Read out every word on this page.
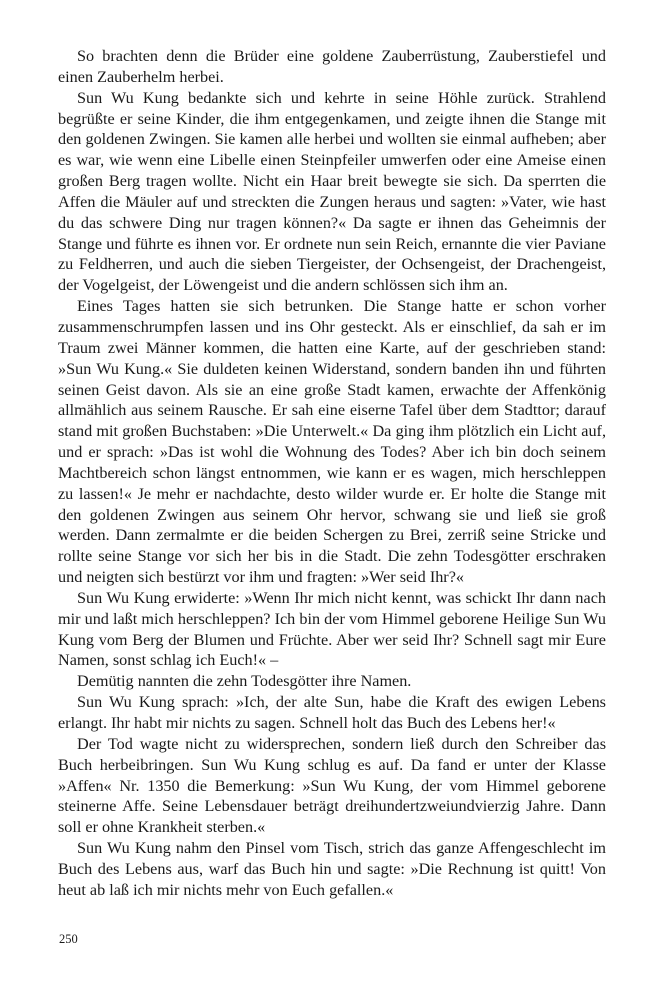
So brachten denn die Brüder eine goldene Zauberrüstung, Zauberstiefel und einen Zauberhelm herbei.

Sun Wu Kung bedankte sich und kehrte in seine Höhle zurück. Strahlend begrüßte er seine Kinder, die ihm entgegenkamen, und zeigte ihnen die Stange mit den goldenen Zwingen. Sie kamen alle herbei und wollten sie einmal aufheben; aber es war, wie wenn eine Libelle einen Steinpfeiler umwerfen oder eine Ameise einen großen Berg tragen wollte. Nicht ein Haar breit bewegte sie sich. Da sperrten die Affen die Mäuler auf und streckten die Zungen heraus und sagten: »Vater, wie hast du das schwere Ding nur tragen können?« Da sagte er ihnen das Geheimnis der Stange und führte es ihnen vor. Er ordnete nun sein Reich, ernannte die vier Paviane zu Feldherren, und auch die sieben Tiergeister, der Ochsengeist, der Drachengeist, der Vogelgeist, der Löwengeist und die andern schlössen sich ihm an.

Eines Tages hatten sie sich betrunken. Die Stange hatte er schon vorher zusammenschrumpfen lassen und ins Ohr gesteckt. Als er einschlief, da sah er im Traum zwei Männer kommen, die hatten eine Karte, auf der geschrieben stand: »Sun Wu Kung.« Sie duldeten keinen Widerstand, sondern banden ihn und führten seinen Geist davon. Als sie an eine große Stadt kamen, erwachte der Affenkönig allmählich aus seinem Rausche. Er sah eine eiserne Tafel über dem Stadttor; darauf stand mit großen Buchstaben: »Die Unterwelt.« Da ging ihm plötzlich ein Licht auf, und er sprach: »Das ist wohl die Wohnung des Todes? Aber ich bin doch seinem Machtbereich schon längst entnommen, wie kann er es wagen, mich herschleppen zu lassen!« Je mehr er nachdachte, desto wilder wurde er. Er holte die Stange mit den goldenen Zwingen aus seinem Ohr hervor, schwang sie und ließ sie groß werden. Dann zermalmte er die beiden Schergen zu Brei, zerriß seine Stricke und rollte seine Stange vor sich her bis in die Stadt. Die zehn Todesgötter erschraken und neigten sich bestürzt vor ihm und fragten: »Wer seid Ihr?«

Sun Wu Kung erwiderte: »Wenn Ihr mich nicht kennt, was schickt Ihr dann nach mir und laßt mich herschleppen? Ich bin der vom Himmel geborene Heilige Sun Wu Kung vom Berg der Blumen und Früchte. Aber wer seid Ihr? Schnell sagt mir Eure Namen, sonst schlag ich Euch!« –

Demütig nannten die zehn Todesgötter ihre Namen.

Sun Wu Kung sprach: »Ich, der alte Sun, habe die Kraft des ewigen Lebens erlangt. Ihr habt mir nichts zu sagen. Schnell holt das Buch des Lebens her!«

Der Tod wagte nicht zu widersprechen, sondern ließ durch den Schreiber das Buch herbeibringen. Sun Wu Kung schlug es auf. Da fand er unter der Klasse »Affen« Nr. 1350 die Bemerkung: »Sun Wu Kung, der vom Himmel geborene steinerne Affe. Seine Lebensdauer beträgt dreihundertzweiundvierzig Jahre. Dann soll er ohne Krankheit sterben.«

Sun Wu Kung nahm den Pinsel vom Tisch, strich das ganze Affengeschlecht im Buch des Lebens aus, warf das Buch hin und sagte: »Die Rechnung ist quitt! Von heut ab laß ich mir nichts mehr von Euch gefallen.«

250
